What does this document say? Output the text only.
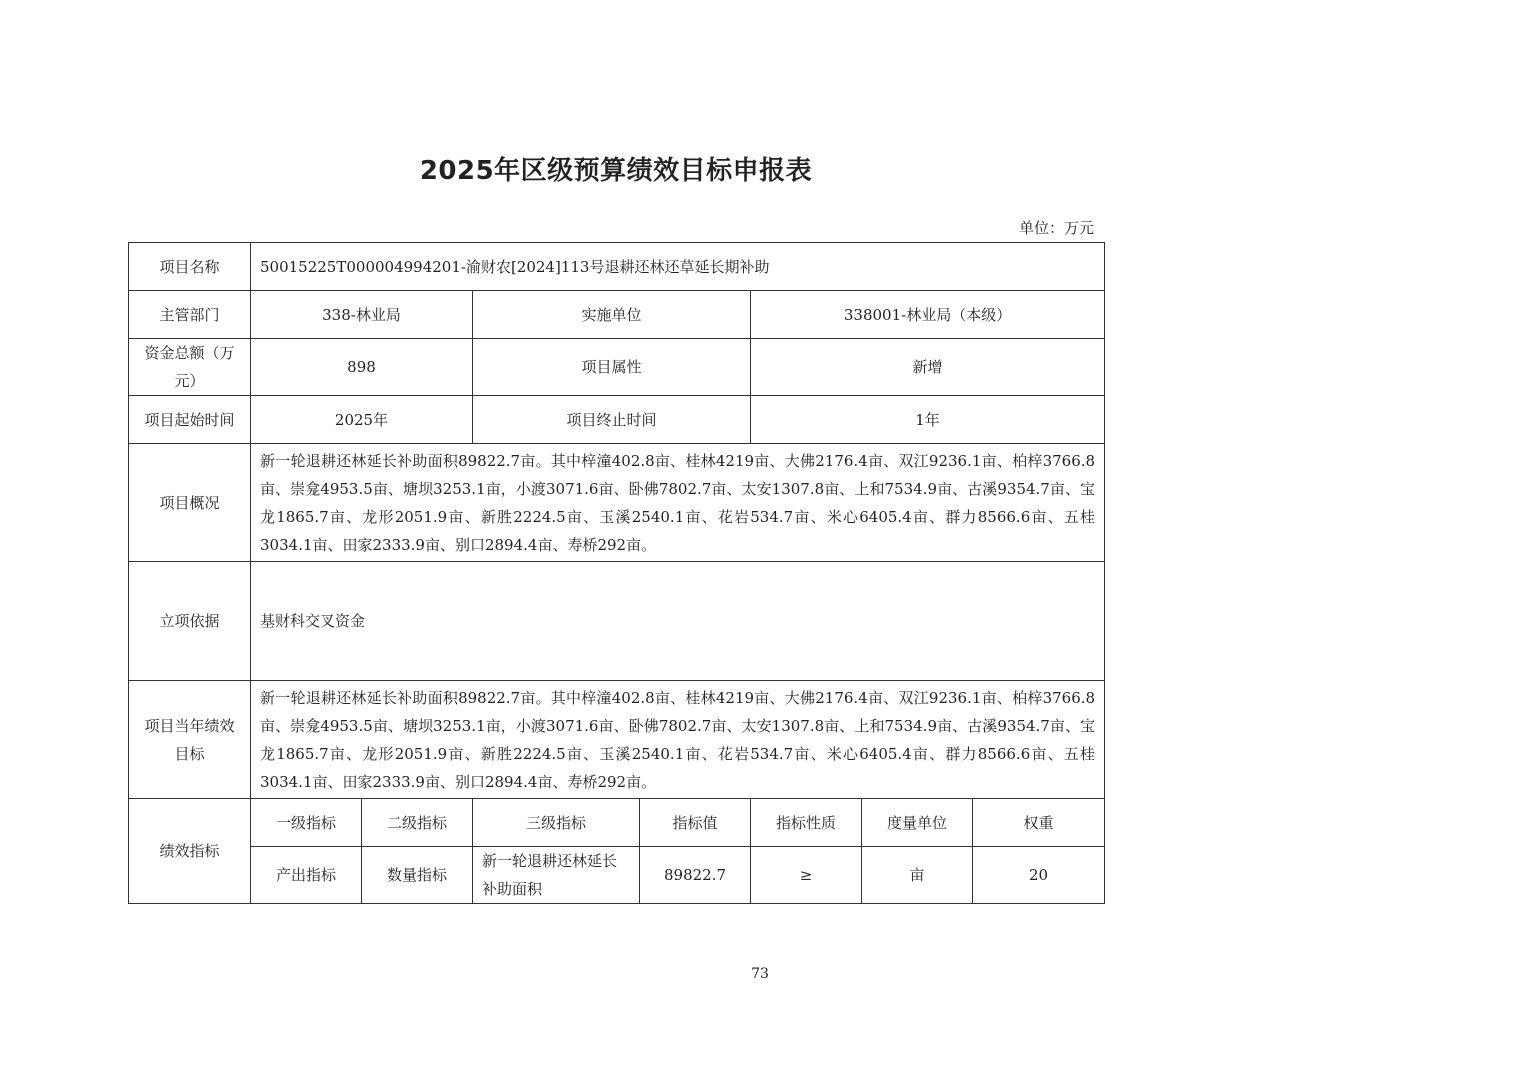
2025年区级预算绩效目标申报表
单位：万元
项目名称	50015225T000004994201-渝财农[2024]113号退耕还林还草延长期补助						
主管部门	338-林业局		实施单位		338001-林业局（本级）		
资金总额（万元）	898		项目属性		新增		
项目起始时间	2025年		项目终止时间		1年		
项目概况	新一轮退耕还林延长补助面积89822.7亩。其中梓潼402.8亩、桂林4219亩、大佛2176.4亩、双江9236.1亩、柏梓3766.8亩、崇龛4953.5亩、塘坝3253.1亩，小渡3071.6亩、卧佛7802.7亩、太安1307.8亩、上和7534.9亩、古溪9354.7亩、宝龙1865.7亩、龙形2051.9亩、新胜2224.5亩、玉溪2540.1亩、花岩534.7亩、米心6405.4亩、群力8566.6亩、五桂3034.1亩、田家2333.9亩、别口2894.4亩、寿桥292亩。						
立项依据	基财科交叉资金						
项目当年绩效目标	新一轮退耕还林延长补助面积89822.7亩。其中梓潼402.8亩、桂林4219亩、大佛2176.4亩、双江9236.1亩、柏梓3766.8亩、崇龛4953.5亩、塘坝3253.1亩，小渡3071.6亩、卧佛7802.7亩、太安1307.8亩、上和7534.9亩、古溪9354.7亩、宝龙1865.7亩、龙形2051.9亩、新胜2224.5亩、玉溪2540.1亩、花岩534.7亩、米心6405.4亩、群力8566.6亩、五桂3034.1亩、田家2333.9亩、别口2894.4亩、寿桥292亩。						
绩效指标	一级指标	二级指标	三级指标	指标值	指标性质	度量单位	权重
	产出指标	数量指标	新一轮退耕还林延长补助面积	89822.7	≥	亩	20
73
